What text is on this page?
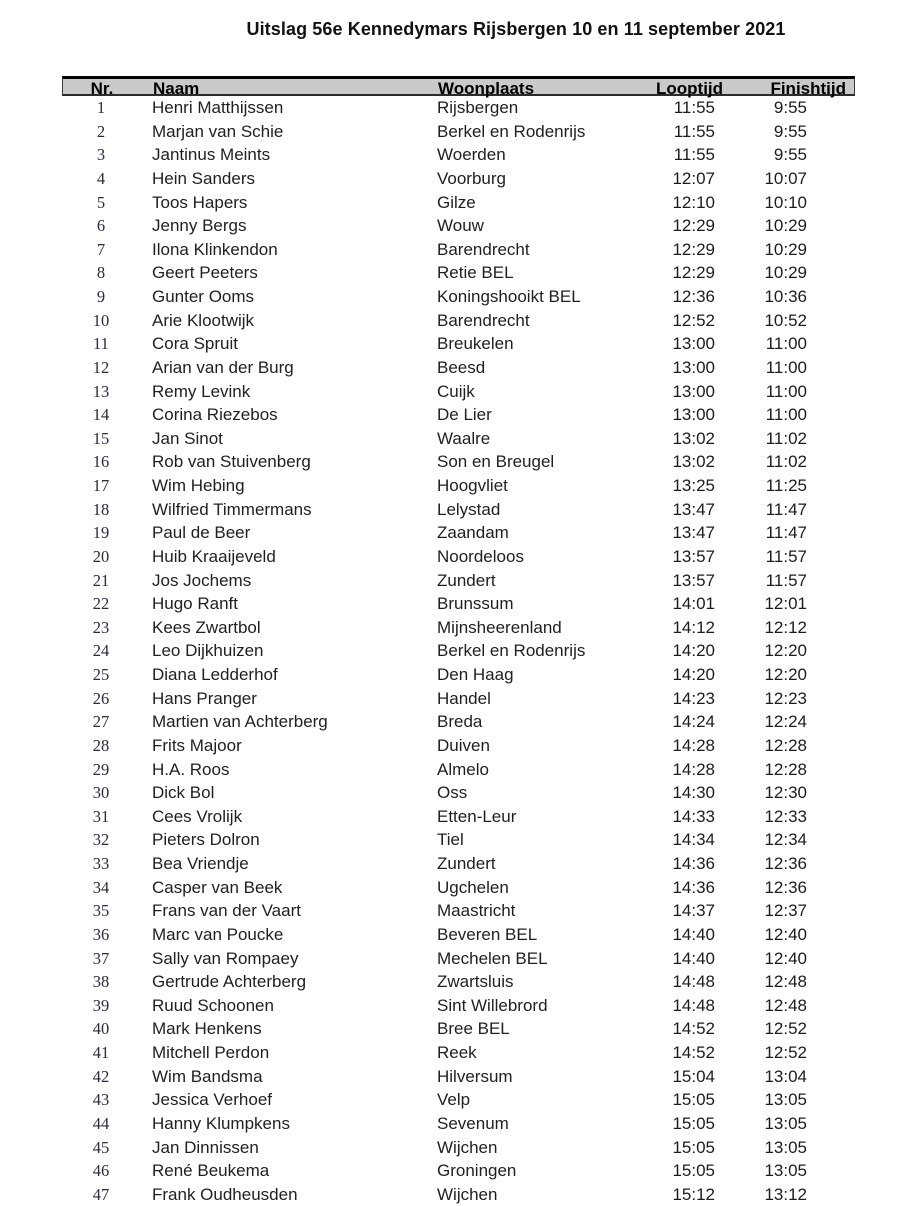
Uitslag 56e Kennedymars Rijsbergen 10 en 11 september 2021
Nr.	Naam	Woonplaats	Looptijd	Finishtijd
1	Henri Matthijssen	Rijsbergen	11:55	9:55
2	Marjan van Schie	Berkel en Rodenrijs	11:55	9:55
3	Jantinus Meints	Woerden	11:55	9:55
4	Hein Sanders	Voorburg	12:07	10:07
5	Toos Hapers	Gilze	12:10	10:10
6	Jenny Bergs	Wouw	12:29	10:29
7	Ilona Klinkendon	Barendrecht	12:29	10:29
8	Geert Peeters	Retie BEL	12:29	10:29
9	Gunter Ooms	Koningshooikt BEL	12:36	10:36
10	Arie Klootwijk	Barendrecht	12:52	10:52
11	Cora Spruit	Breukelen	13:00	11:00
12	Arian van der Burg	Beesd	13:00	11:00
13	Remy Levink	Cuijk	13:00	11:00
14	Corina Riezebos	De Lier	13:00	11:00
15	Jan Sinot	Waalre	13:02	11:02
16	Rob van Stuivenberg	Son en Breugel	13:02	11:02
17	Wim Hebing	Hoogvliet	13:25	11:25
18	Wilfried Timmermans	Lelystad	13:47	11:47
19	Paul de Beer	Zaandam	13:47	11:47
20	Huib Kraaijeveld	Noordeloos	13:57	11:57
21	Jos Jochems	Zundert	13:57	11:57
22	Hugo Ranft	Brunssum	14:01	12:01
23	Kees Zwartbol	Mijnsheerenland	14:12	12:12
24	Leo Dijkhuizen	Berkel en Rodenrijs	14:20	12:20
25	Diana Ledderhof	Den Haag	14:20	12:20
26	Hans Pranger	Handel	14:23	12:23
27	Martien van Achterberg	Breda	14:24	12:24
28	Frits Majoor	Duiven	14:28	12:28
29	H.A. Roos	Almelo	14:28	12:28
30	Dick Bol	Oss	14:30	12:30
31	Cees Vrolijk	Etten-Leur	14:33	12:33
32	Pieters Dolron	Tiel	14:34	12:34
33	Bea Vriendje	Zundert	14:36	12:36
34	Casper van Beek	Ugchelen	14:36	12:36
35	Frans van der Vaart	Maastricht	14:37	12:37
36	Marc van Poucke	Beveren BEL	14:40	12:40
37	Sally van Rompaey	Mechelen BEL	14:40	12:40
38	Gertrude Achterberg	Zwartsluis	14:48	12:48
39	Ruud Schoonen	Sint Willebrord	14:48	12:48
40	Mark Henkens	Bree BEL	14:52	12:52
41	Mitchell Perdon	Reek	14:52	12:52
42	Wim Bandsma	Hilversum	15:04	13:04
43	Jessica Verhoef	Velp	15:05	13:05
44	Hanny Klumpkens	Sevenum	15:05	13:05
45	Jan Dinnissen	Wijchen	15:05	13:05
46	René Beukema	Groningen	15:05	13:05
47	Frank Oudheusden	Wijchen	15:12	13:12
